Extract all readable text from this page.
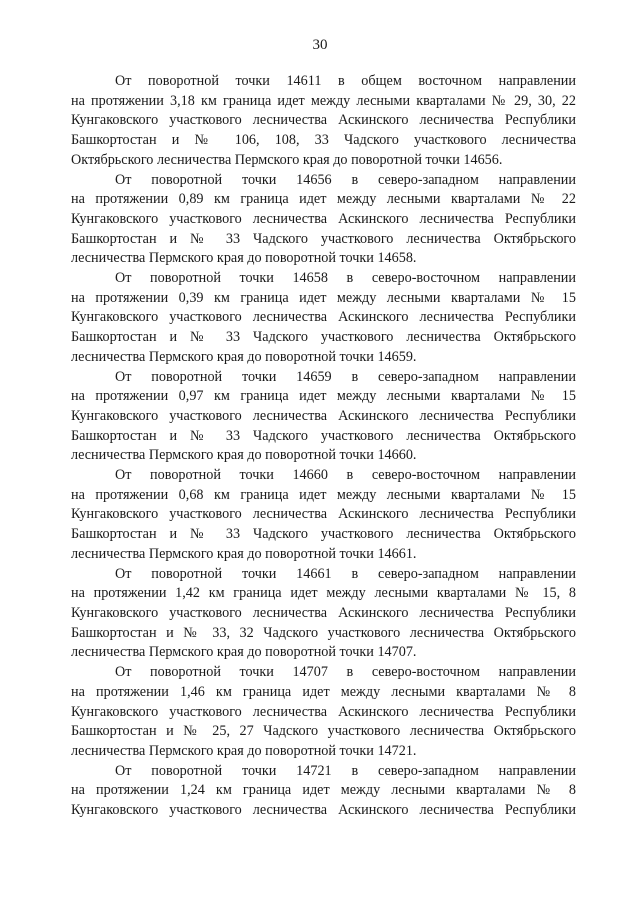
30

От поворотной точки 14611 в общем восточном направлении
на протяжении 3,18 км граница идет между лесными кварталами № 29, 30, 22
Кунгаковского участкового лесничества Аскинского лесничества Республики
Башкортостан и № 106, 108, 33 Чадского участкового лесничества
Октябрьского лесничества Пермского края до поворотной точки 14656.

От поворотной точки 14656 в северо-западном направлении
на протяжении 0,89 км граница идет между лесными кварталами № 22
Кунгаковского участкового лесничества Аскинского лесничества Республики
Башкортостан и № 33 Чадского участкового лесничества Октябрьского
лесничества Пермского края до поворотной точки 14658.

От поворотной точки 14658 в северо-восточном направлении
на протяжении 0,39 км граница идет между лесными кварталами № 15
Кунгаковского участкового лесничества Аскинского лесничества Республики
Башкортостан и № 33 Чадского участкового лесничества Октябрьского
лесничества Пермского края до поворотной точки 14659.

От поворотной точки 14659 в северо-западном направлении
на протяжении 0,97 км граница идет между лесными кварталами № 15
Кунгаковского участкового лесничества Аскинского лесничества Республики
Башкортостан и № 33 Чадского участкового лесничества Октябрьского
лесничества Пермского края до поворотной точки 14660.

От поворотной точки 14660 в северо-восточном направлении
на протяжении 0,68 км граница идет между лесными кварталами № 15
Кунгаковского участкового лесничества Аскинского лесничества Республики
Башкортостан и № 33 Чадского участкового лесничества Октябрьского
лесничества Пермского края до поворотной точки 14661.

От поворотной точки 14661 в северо-западном направлении
на протяжении 1,42 км граница идет между лесными кварталами № 15, 8
Кунгаковского участкового лесничества Аскинского лесничества Республики
Башкортостан и № 33, 32 Чадского участкового лесничества Октябрьского
лесничества Пермского края до поворотной точки 14707.

От поворотной точки 14707 в северо-восточном направлении
на протяжении 1,46 км граница идет между лесными кварталами № 8
Кунгаковского участкового лесничества Аскинского лесничества Республики
Башкортостан и № 25, 27 Чадского участкового лесничества Октябрьского
лесничества Пермского края до поворотной точки 14721.

От поворотной точки 14721 в северо-западном направлении
на протяжении 1,24 км граница идет между лесными кварталами № 8
Кунгаковского участкового лесничества Аскинского лесничества Республики
